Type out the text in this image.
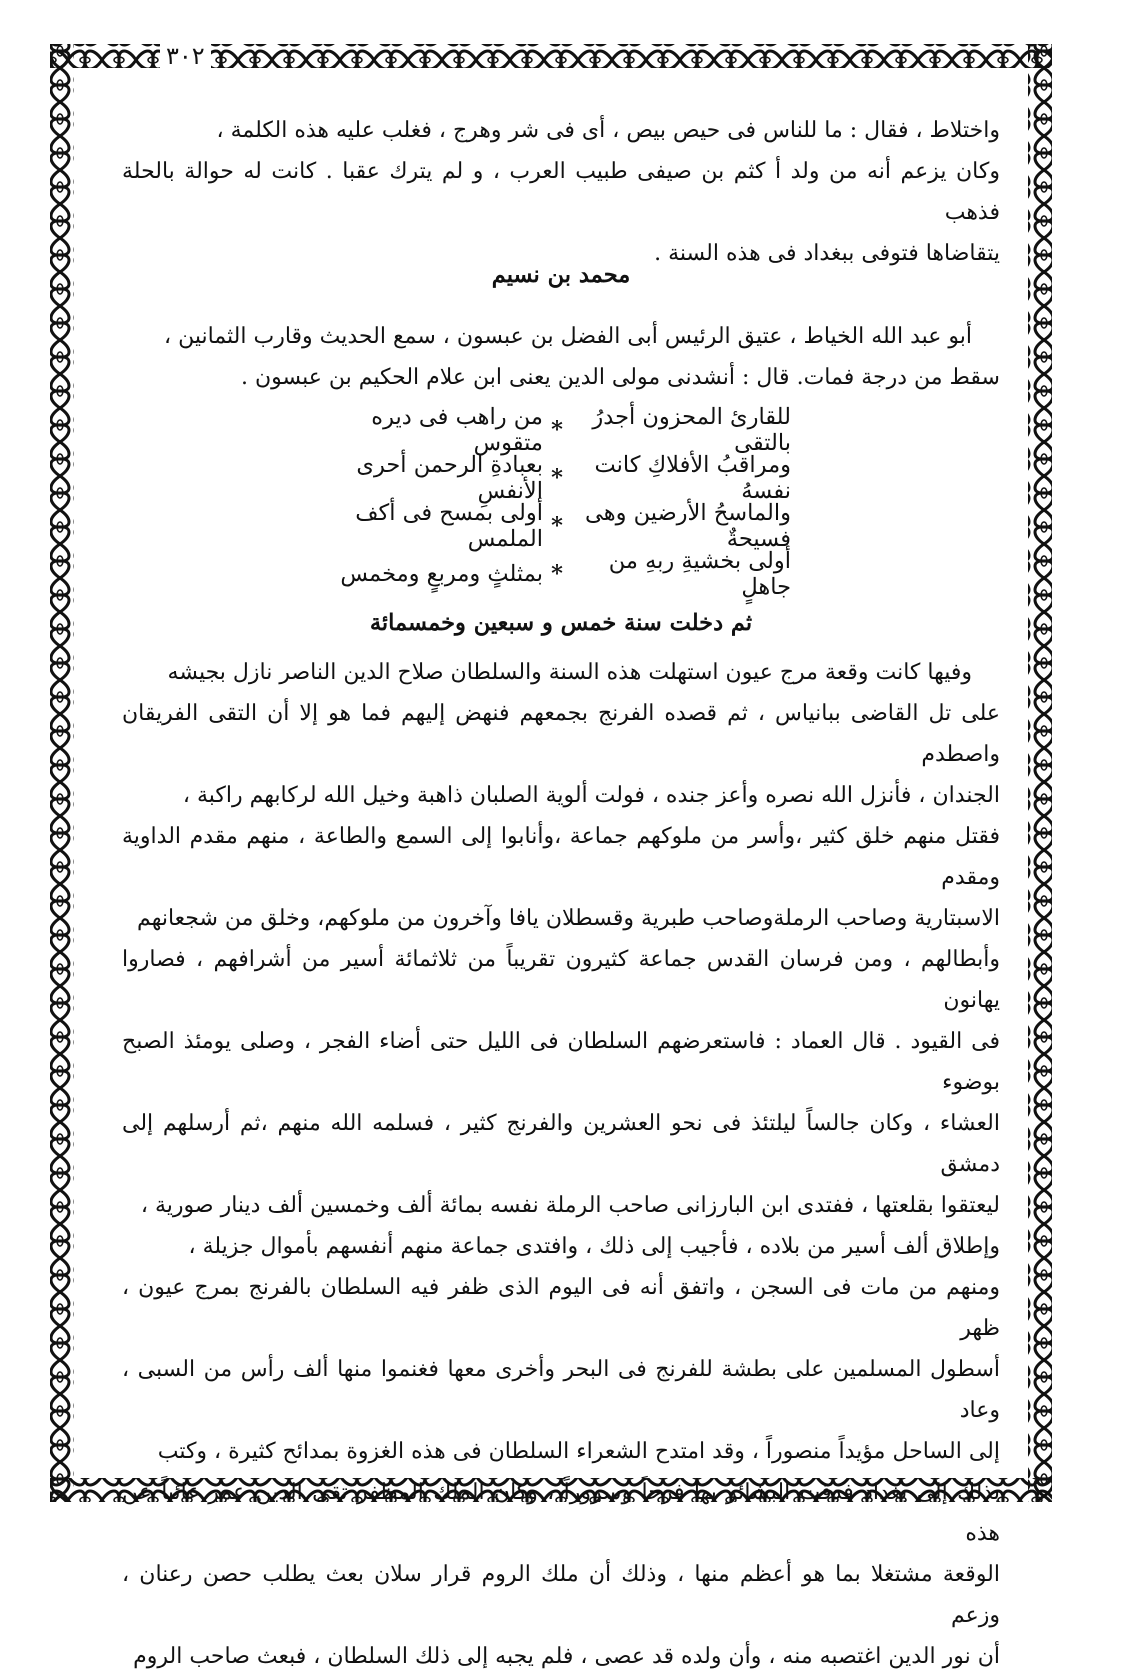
٣٠٢

واختلاط ، فقال : ما للناس فى حيص بيص ، أى فى شر وهرج ، فغلب عليه هذه الكلمة ،

وكان يزعم أنه من ولد أ كثم بن صيفى طبيب العرب ، و لم يترك عقبا . كانت له حوالة بالحلة فذهب

يتقاضاها فتوفى ببغداد فى هذه السنة .

محمد بن نسيم

أبو عبد الله الخياط ، عتيق الرئيس أبى الفضل بن عبسون ، سمع الحديث وقارب الثمانين ،

سقط من درجة فمات. قال : أنشدنى مولى الدين يعنى ابن علام الحكيم بن عبسون .

للقارئ المحزون أجدرُ بالتقى
*
من راهب فى ديره متقوس
ومراقبُ الأفلاكِ كانت نفسهُ
*
بعبادةِ الرحمن أحرى الأنفسِ
والماسحُ الأرضين وهى فسيحةٌ
*
أولى بمسح فى أكف الملمس
أولى بخشيةِ ربهِ من جاهلٍ
*
بمثلثٍ ومربعٍ ومخمس
ثم دخلت سنة خمس و سبعين وخمسمائة

وفيها كانت وقعة مرج عيون استهلت هذه السنة والسلطان صلاح الدين الناصر نازل بجيشه

على تل القاضى ببانياس ، ثم قصده الفرنج بجمعهم فنهض إليهم فما هو إلا أن التقى الفريقان واصطدم

الجندان ، فأنزل الله نصره وأعز جنده ، فولت ألوية الصلبان ذاهبة وخيل الله لركابهم راكبة ،

فقتل منهم خلق كثير ،وأسر من ملوكهم جماعة ،وأنابوا إلى السمع والطاعة ، منهم مقدم الداوية ومقدم

الاسبتارية وصاحب الرملةوصاحب طبرية وقسطلان يافا وآخرون من ملوكهم، وخلق من شجعانهم

وأبطالهم ، ومن فرسان القدس جماعة كثيرون تقريباً من ثلاثمائة أسير من أشرافهم ، فصاروا يهانون

فى القيود . قال العماد : فاستعرضهم السلطان فى الليل حتى أضاء الفجر ، وصلى يومئذ الصبح بوضوء

العشاء ، وكان جالساً ليلتئذ فى نحو العشرين والفرنج كثير ، فسلمه الله منهم ،ثم أرسلهم إلى دمشق

ليعتقوا بقلعتها ، ففتدى ابن البارزانى صاحب الرملة نفسه بمائة ألف وخمسين ألف دينار صورية ،

وإطلاق ألف أسير من بلاده ، فأجيب إلى ذلك ، وافتدى جماعة منهم أنفسهم بأموال جزيلة ،

ومنهم من مات فى السجن ، واتفق أنه فى اليوم الذى ظفر فيه السلطان بالفرنج بمرج عيون ، ظهر

أسطول المسلمين على بطشة للفرنج فى البحر وأخرى معها فغنموا منها ألف رأس من السبى ، وعاد

إلى الساحل مؤيداً منصوراً ، وقد امتدح الشعراء السلطان فى هذه الغزوة بمدائح كثيرة ، وكتب

بذلك إلى بغداد فدقت البشائر بها فرحاً وسروراً ، وكان الملك المظفر تقى الدين عمر غائباً عن هذه

الوقعة مشتغلا بما هو أعظم منها ، وذلك أن ملك الروم قرار سلان بعث يطلب حصن رعنان ، وزعم

أن نور الدين اغتصبه منه ، وأن ولده قد عصى ، فلم يجبه إلى ذلك السلطان ، فبعث صاحب الروم
